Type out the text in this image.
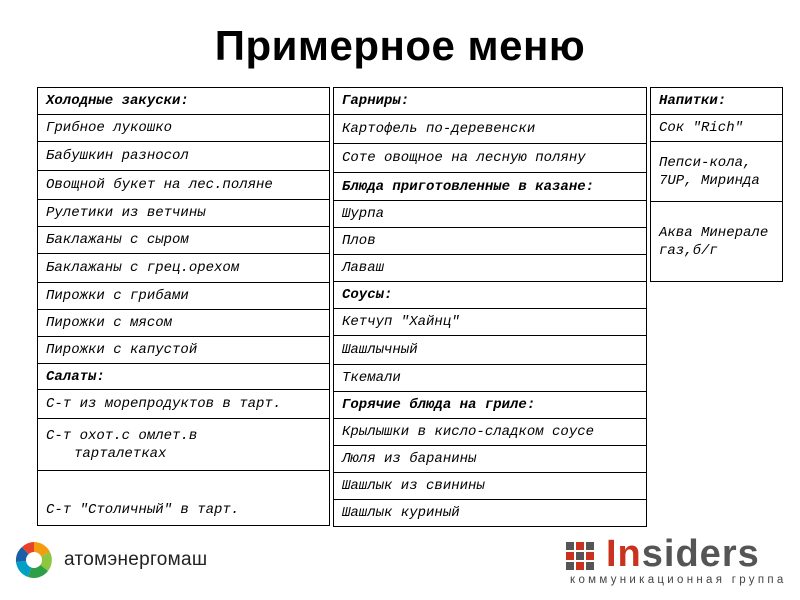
Примерное меню
Холодные закуски:
Грибное лукошко
Бабушкин разносол
Овощной букет на лес.поляне
Рулетики из ветчины
Баклажаны с сыром
Баклажаны с грец.орехом
Пирожки с грибами
Пирожки с мясом
Пирожки с капустой
Салаты:
С-т из морепродуктов в тарт.
С-т охот.с омлет.в
тарталетках

С-т "Столичный" в тарт.
Гарниры:
Картофель по-деревенски
Соте овощное на лесную поляну
Блюда приготовленные в казане:
Шурпа
Плов
Лаваш
Соусы:
Кетчуп "Хайнц"
Шашлычный
Ткемали
Горячие блюда на гриле:
Крылышки в кисло-сладком соусе
Люля из баранины
Шашлык из свинины
Шашлык куриный
Напитки:
Сок "Rich"
Пепси-кола, 7UP, Миринда
Аква Минерале газ,б/г
атомэнергомаш	Insiders
коммуникационная группа
